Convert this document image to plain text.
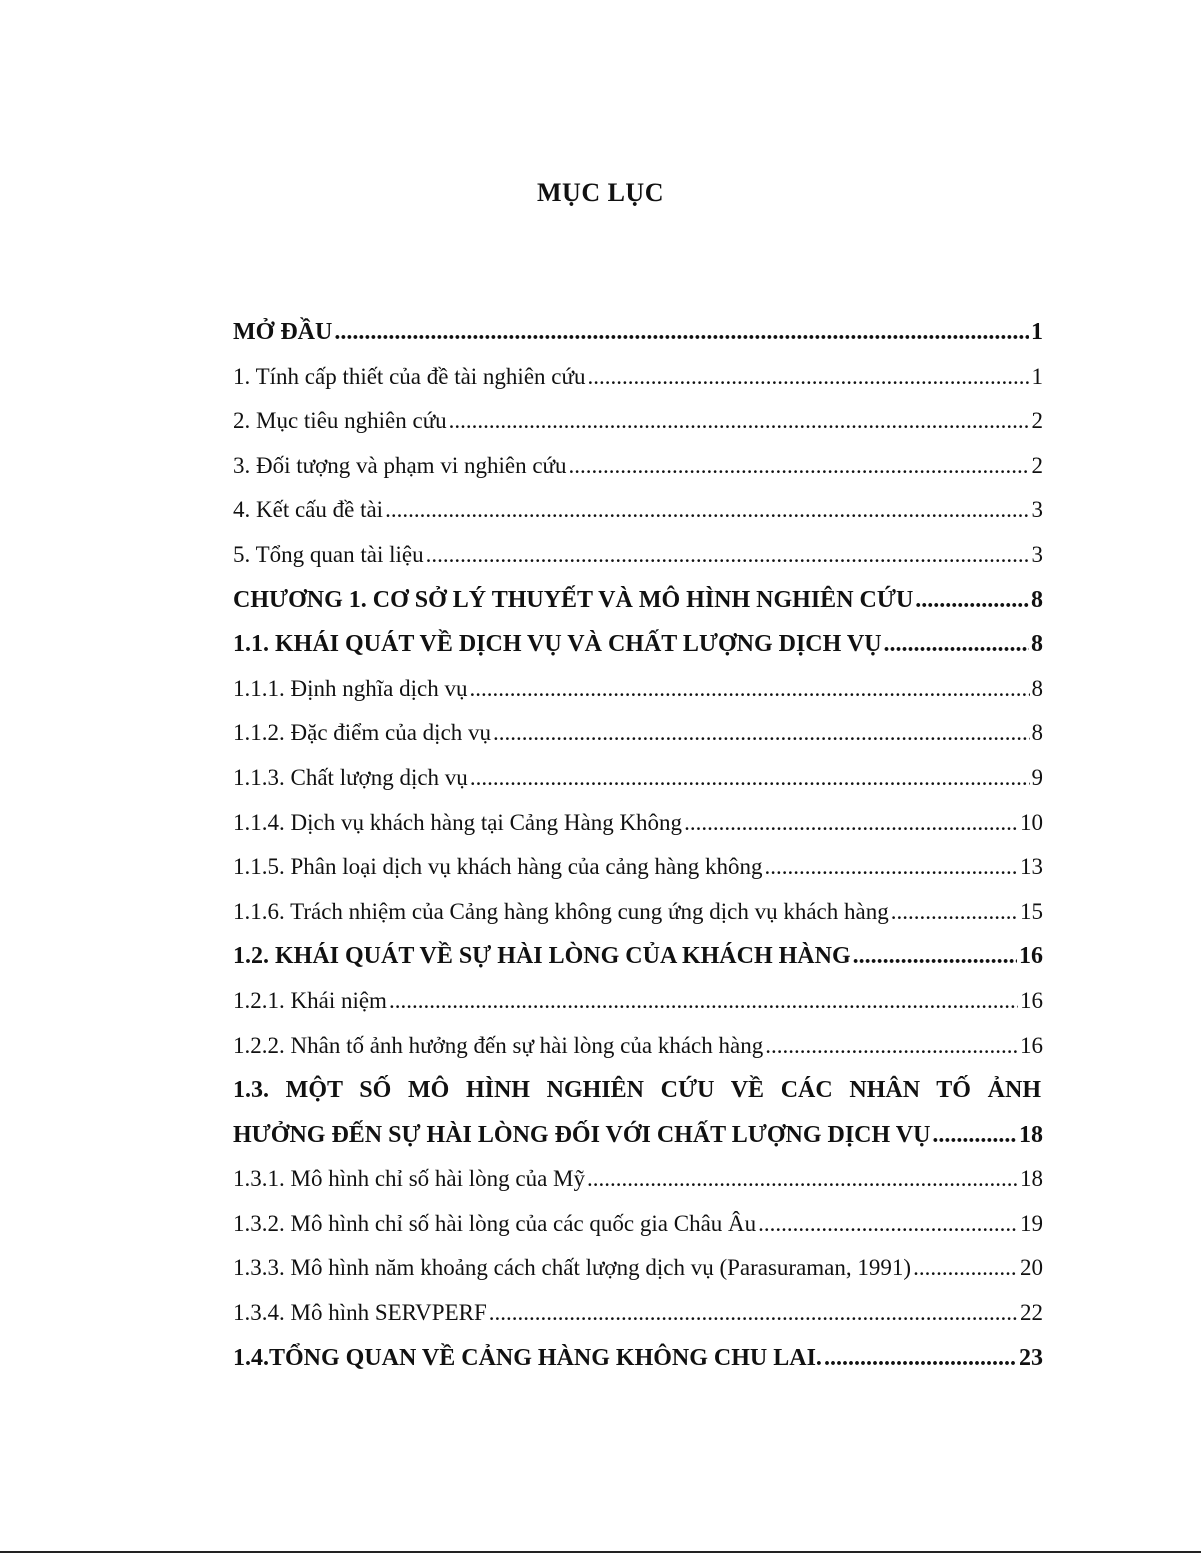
MỤC LỤC
MỞ ĐẦU .....	1
1. Tính cấp thiết của đề tài nghiên cứu .....	1
2. Mục tiêu nghiên cứu .....	2
3. Đối tượng và phạm vi nghiên cứu .....	2
4. Kết cấu đề tài .....	3
5. Tổng quan tài liệu .....	3
CHƯƠNG 1. CƠ SỞ LÝ THUYẾT VÀ MÔ HÌNH NGHIÊN CỨU .....	8
1.1. KHÁI QUÁT VỀ DỊCH VỤ VÀ CHẤT LƯỢNG DỊCH VỤ .....	8
1.1.1. Định nghĩa dịch vụ .....	8
1.1.2. Đặc điểm của dịch vụ .....	8
1.1.3. Chất lượng dịch vụ .....	9
1.1.4. Dịch vụ khách hàng tại Cảng Hàng Không .....	10
1.1.5. Phân loại dịch vụ khách hàng của cảng hàng không .....	13
1.1.6. Trách nhiệm của Cảng hàng không cung ứng dịch vụ khách hàng .....	15
1.2. KHÁI QUÁT VỀ SỰ HÀI LÒNG CỦA KHÁCH HÀNG .....	16
1.2.1. Khái niệm .....	16
1.2.2. Nhân tố ảnh hưởng đến sự hài lòng của khách hàng .....	16
1.3. MỘT SỐ MÔ HÌNH NGHIÊN CỨU VỀ CÁC NHÂN TỐ ẢNH
HƯỞNG ĐẾN SỰ HÀI LÒNG ĐỐI VỚI CHẤT LƯỢNG DỊCH VỤ .....	18
1.3.1. Mô hình chỉ số hài lòng của Mỹ .....	18
1.3.2. Mô hình chỉ số hài lòng của các quốc gia Châu Âu .....	19
1.3.3. Mô hình năm khoảng cách chất lượng dịch vụ (Parasuraman, 1991) .....	20
1.3.4. Mô hình SERVPERF .....	22
1.4.TỔNG QUAN VỀ CẢNG HÀNG KHÔNG CHU LAI. .....	23
